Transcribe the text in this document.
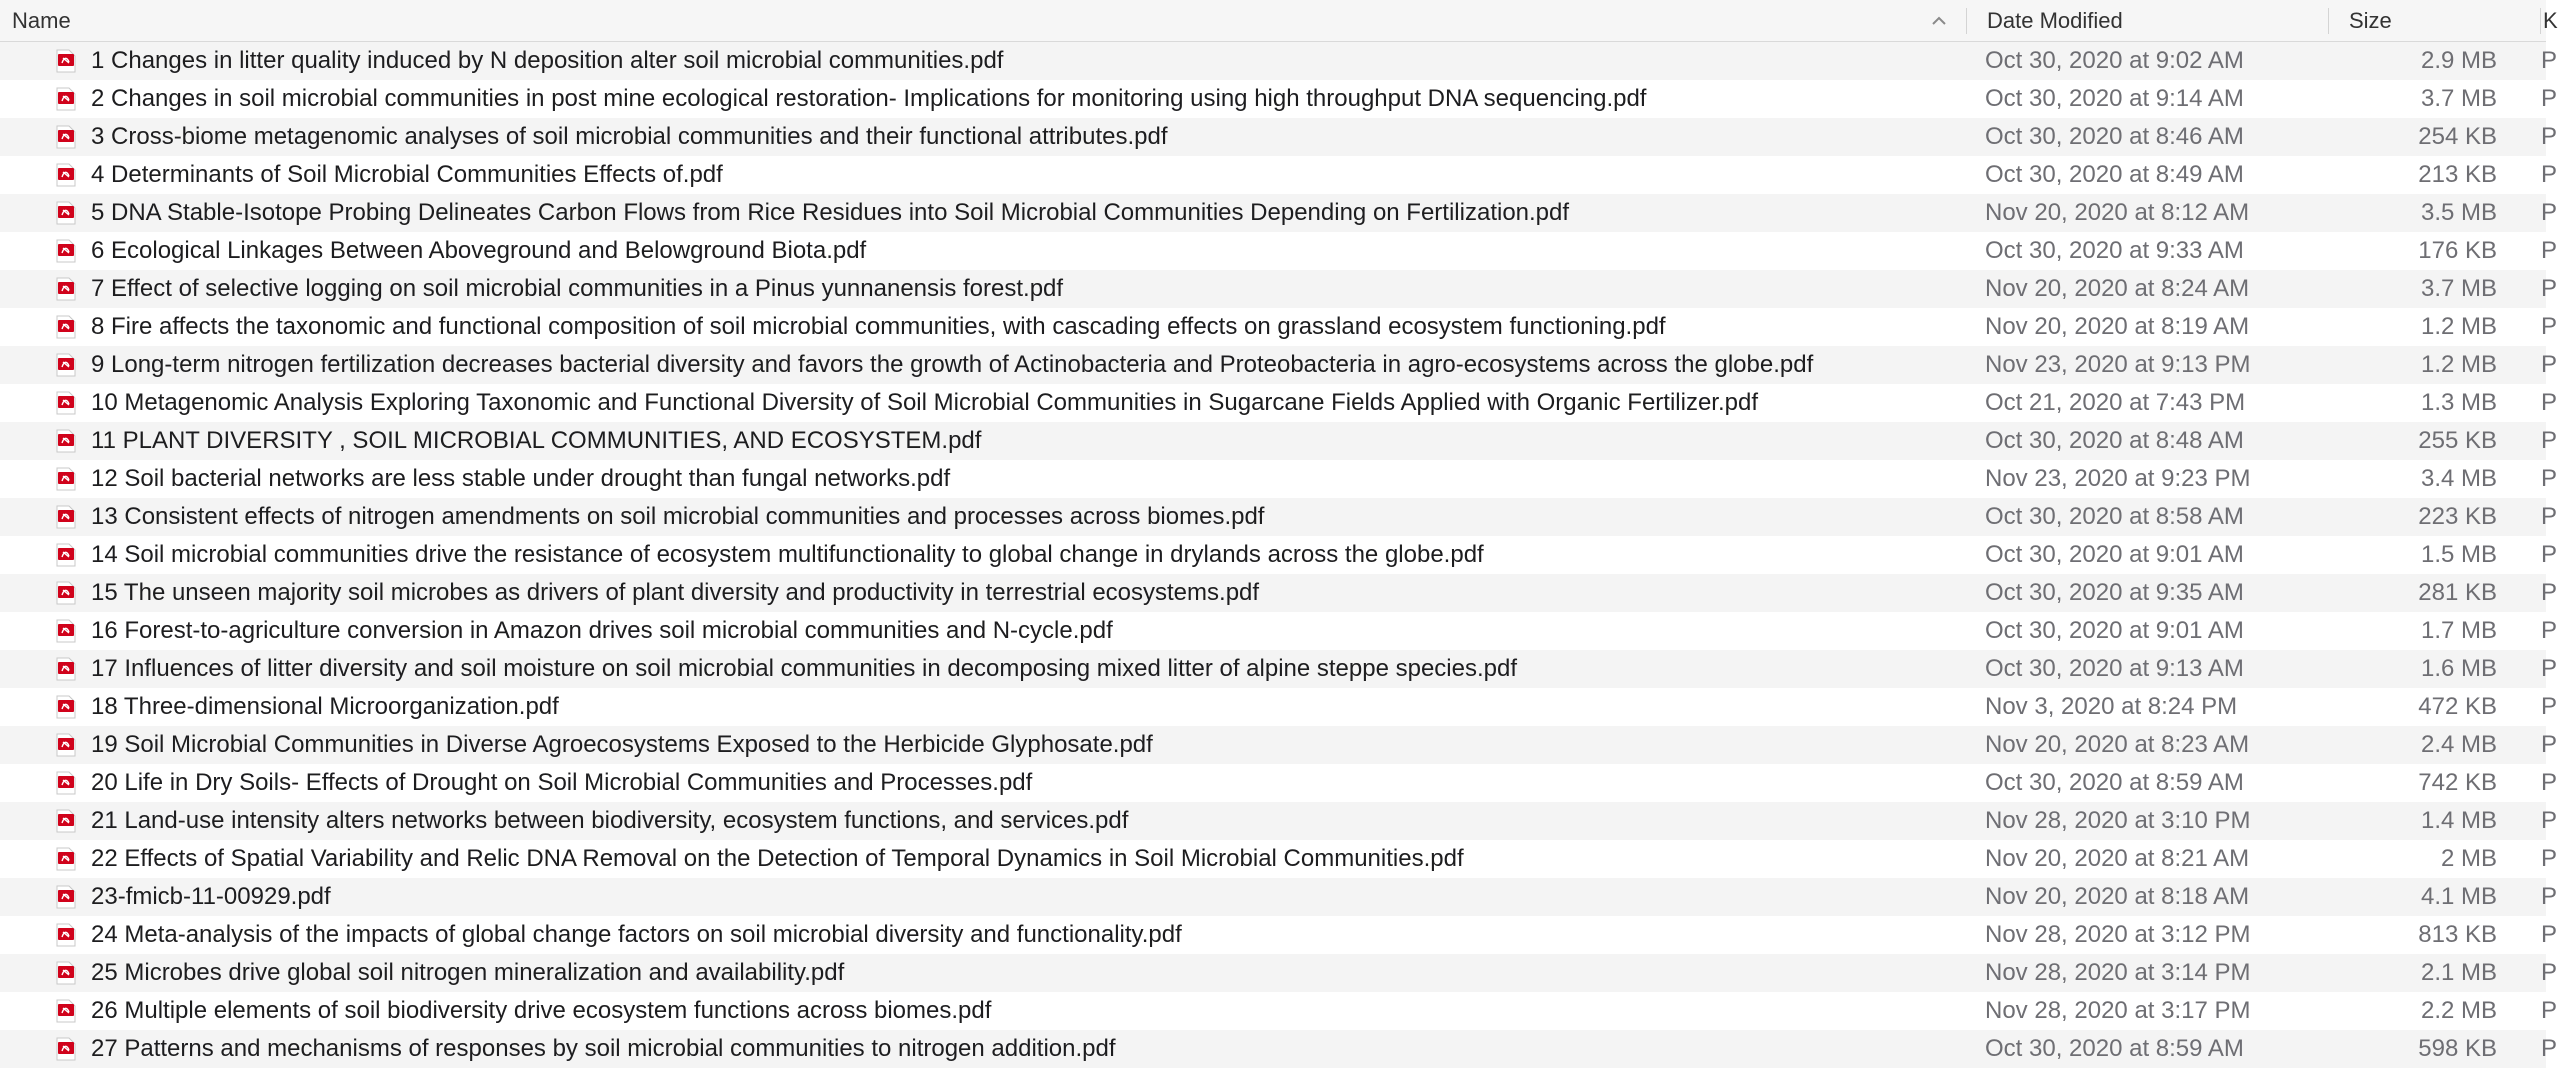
Name	Date Modified	Size	K
1 Changes in litter quality induced by N deposition alter soil microbial communities.pdf	Oct 30, 2020 at 9:02 AM	2.9 MB P
2 Changes in soil microbial communities in post mine ecological restoration- Implications for monitoring using high throughput DNA sequencing.pdf	Oct 30, 2020 at 9:14 AM	3.7 MB P
3 Cross-biome metagenomic analyses of soil microbial communities and their functional attributes.pdf	Oct 30, 2020 at 8:46 AM	254 KB P
4 Determinants of Soil Microbial Communities Effects of.pdf	Oct 30, 2020 at 8:49 AM	213 KB P
5 DNA Stable-Isotope Probing Delineates Carbon Flows from Rice Residues into Soil Microbial Communities Depending on Fertilization.pdf	Nov 20, 2020 at 8:12 AM	3.5 MB P
6 Ecological Linkages Between Aboveground and Belowground Biota.pdf	Oct 30, 2020 at 9:33 AM	176 KB P
7 Effect of selective logging on soil microbial communities in a Pinus yunnanensis forest.pdf	Nov 20, 2020 at 8:24 AM	3.7 MB P
8 Fire affects the taxonomic and functional composition of soil microbial communities, with cascading effects on grassland ecosystem functioning.pdf	Nov 20, 2020 at 8:19 AM	1.2 MB P
9 Long-term nitrogen fertilization decreases bacterial diversity and favors the growth of Actinobacteria and Proteobacteria in agro-ecosystems across the globe.pdf	Nov 23, 2020 at 9:13 PM	1.2 MB P
10 Metagenomic Analysis Exploring Taxonomic and Functional Diversity of Soil Microbial Communities in Sugarcane Fields Applied with Organic Fertilizer.pdf	Oct 21, 2020 at 7:43 PM	1.3 MB P
11 PLANT DIVERSITY , SOIL MICROBIAL COMMUNITIES, AND ECOSYSTEM.pdf	Oct 30, 2020 at 8:48 AM	255 KB P
12 Soil bacterial networks are less stable under drought than fungal networks.pdf	Nov 23, 2020 at 9:23 PM	3.4 MB P
13 Consistent effects of nitrogen amendments on soil microbial communities and processes across biomes.pdf	Oct 30, 2020 at 8:58 AM	223 KB P
14 Soil microbial communities drive the resistance of ecosystem multifunctionality to global change in drylands across the globe.pdf	Oct 30, 2020 at 9:01 AM	1.5 MB P
15 The unseen majority soil microbes as drivers of plant diversity and productivity in terrestrial ecosystems.pdf	Oct 30, 2020 at 9:35 AM	281 KB P
16 Forest-to-agriculture conversion in Amazon drives soil microbial communities and N-cycle.pdf	Oct 30, 2020 at 9:01 AM	1.7 MB P
17 Influences of litter diversity and soil moisture on soil microbial communities in decomposing mixed litter of alpine steppe species.pdf	Oct 30, 2020 at 9:13 AM	1.6 MB P
18 Three-dimensional Microorganization.pdf	Nov 3, 2020 at 8:24 PM	472 KB P
19 Soil Microbial Communities in Diverse Agroecosystems Exposed to the Herbicide Glyphosate.pdf	Nov 20, 2020 at 8:23 AM	2.4 MB P
20 Life in Dry Soils- Effects of Drought on Soil Microbial Communities and Processes.pdf	Oct 30, 2020 at 8:59 AM	742 KB P
21 Land-use intensity alters networks between biodiversity, ecosystem functions, and services.pdf	Nov 28, 2020 at 3:10 PM	1.4 MB P
22 Effects of Spatial Variability and Relic DNA Removal on the Detection of Temporal Dynamics in Soil Microbial Communities.pdf	Nov 20, 2020 at 8:21 AM	2 MB P
23-fmicb-11-00929.pdf	Nov 20, 2020 at 8:18 AM	4.1 MB P
24 Meta-analysis of the impacts of global change factors on soil microbial diversity and functionality.pdf	Nov 28, 2020 at 3:12 PM	813 KB P
25 Microbes drive global soil nitrogen mineralization and availability.pdf	Nov 28, 2020 at 3:14 PM	2.1 MB P
26 Multiple elements of soil biodiversity drive ecosystem functions across biomes.pdf	Nov 28, 2020 at 3:17 PM	2.2 MB P
27 Patterns and mechanisms of responses by soil microbial communities to nitrogen addition.pdf	Oct 30, 2020 at 8:59 AM	598 KB P
